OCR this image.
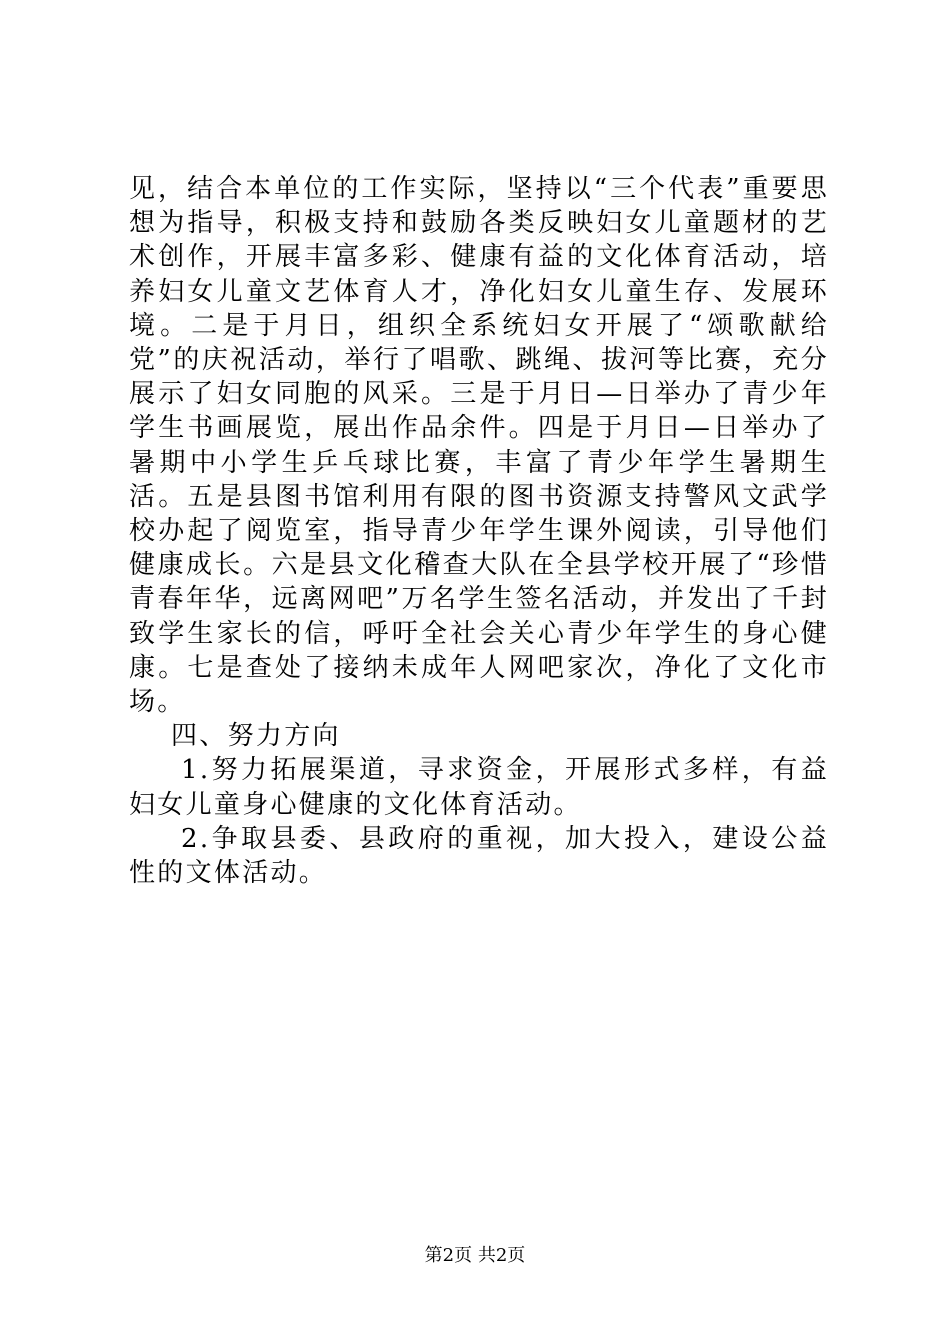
见，结合本单位的工作实际，坚持以“三个代表”重要思想为指导，积极支持和鼓励各类反映妇女儿童题材的艺术创作，开展丰富多彩、健康有益的文化体育活动，培养妇女儿童文艺体育人才，净化妇女儿童生存、发展环境。二是于月日，组织全系统妇女开展了“颂歌献给党”的庆祝活动，举行了唱歌、跳绳、拔河等比赛，充分展示了妇女同胞的风采。三是于月日—日举办了青少年学生书画展览，展出作品余件。四是于月日—日举办了暑期中小学生乒乓球比赛，丰富了青少年学生暑期生活。五是县图书馆利用有限的图书资源支持警风文武学校办起了阅览室，指导青少年学生课外阅读，引导他们健康成长。六是县文化稽查大队在全县学校开展了“珍惜青春年华，远离网吧”万名学生签名活动，并发出了千封致学生家长的信，呼吁全社会关心青少年学生的身心健康。七是查处了接纳未成年人网吧家次，净化了文化市场。

四、努力方向

1.努力拓展渠道，寻求资金，开展形式多样，有益妇女儿童身心健康的文化体育活动。

2.争取县委、县政府的重视，加大投入，建设公益性的文体活动。

第2页 共2页
